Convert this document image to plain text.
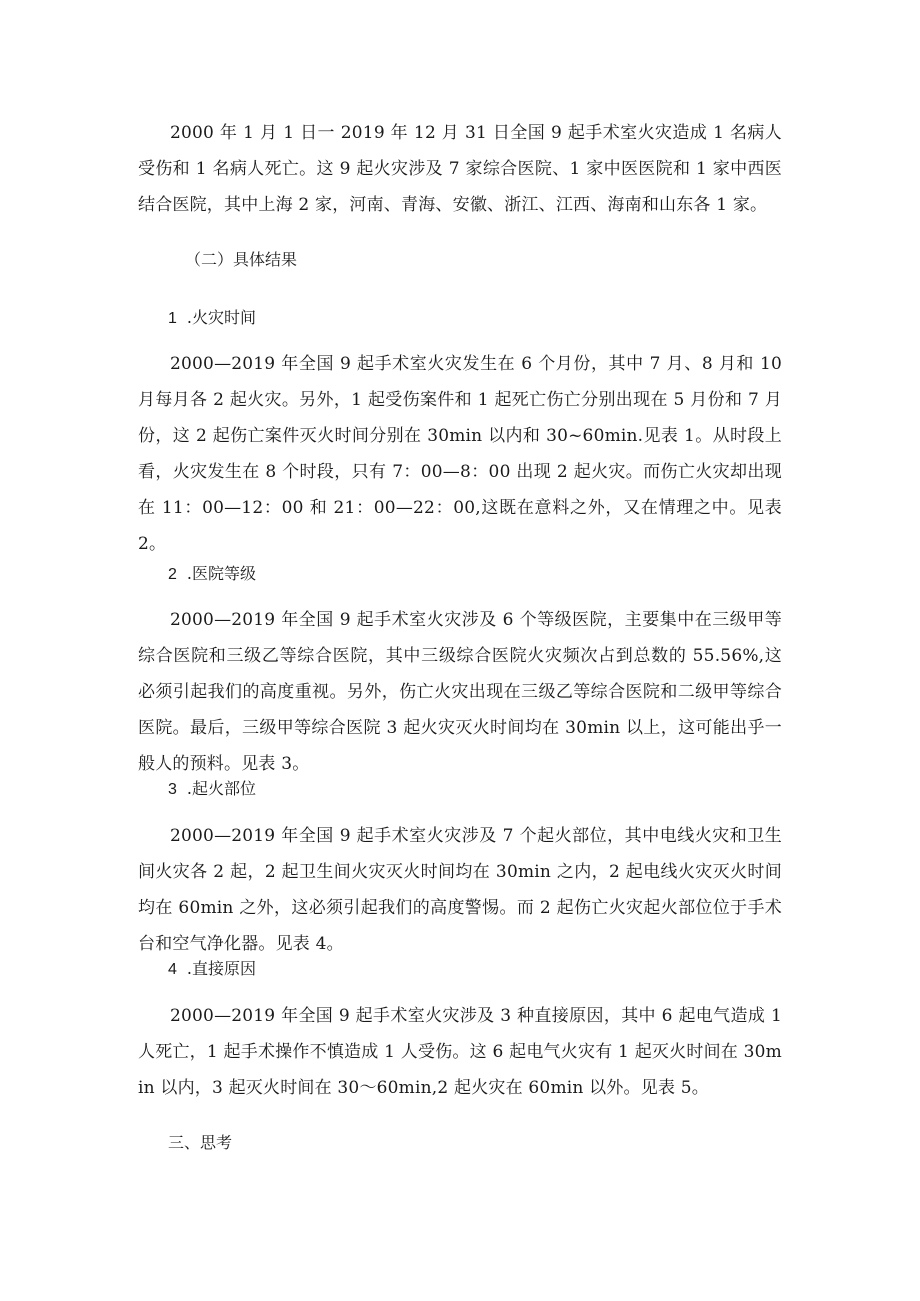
2000 年 1 月 1 日一 2019 年 12 月 31 日全国 9 起手术室火灾造成 1 名病人受伤和 1 名病人死亡。这 9 起火灾涉及 7 家综合医院、1 家中医医院和 1 家中西医结合医院，其中上海 2 家，河南、青海、安徽、浙江、江西、海南和山东各 1 家。

（二）具体结果

1 .火灾时间

2000—2019 年全国 9 起手术室火灾发生在 6 个月份，其中 7 月、8 月和 10 月每月各 2 起火灾。另外，1 起受伤案件和 1 起死亡伤亡分别出现在 5 月份和 7 月份，这 2 起伤亡案件灭火时间分别在 30min 以内和 30~60min.见表 1。从时段上看，火灾发生在 8 个时段，只有 7：00—8：00 出现 2 起火灾。而伤亡火灾却出现在 11：00—12：00 和 21：00—22：00,这既在意料之外，又在情理之中。见表 2。

2 .医院等级

2000—2019 年全国 9 起手术室火灾涉及 6 个等级医院，主要集中在三级甲等综合医院和三级乙等综合医院，其中三级综合医院火灾频次占到总数的 55.56%,这必须引起我们的高度重视。另外，伤亡火灾出现在三级乙等综合医院和二级甲等综合医院。最后，三级甲等综合医院 3 起火灾灭火时间均在 30min 以上，这可能出乎一般人的预料。见表 3。

3 .起火部位

2000—2019 年全国 9 起手术室火灾涉及 7 个起火部位，其中电线火灾和卫生间火灾各 2 起，2 起卫生间火灾灭火时间均在 30min 之内，2 起电线火灾灭火时间均在 60min 之外，这必须引起我们的高度警惕。而 2 起伤亡火灾起火部位位于手术台和空气净化器。见表 4。

4 .直接原因

2000—2019 年全国 9 起手术室火灾涉及 3 种直接原因，其中 6 起电气造成 1 人死亡，1 起手术操作不慎造成 1 人受伤。这 6 起电气火灾有 1 起灭火时间在 30min 以内，3 起灭火时间在 30～60min,2 起火灾在 60min 以外。见表 5。

三、思考
